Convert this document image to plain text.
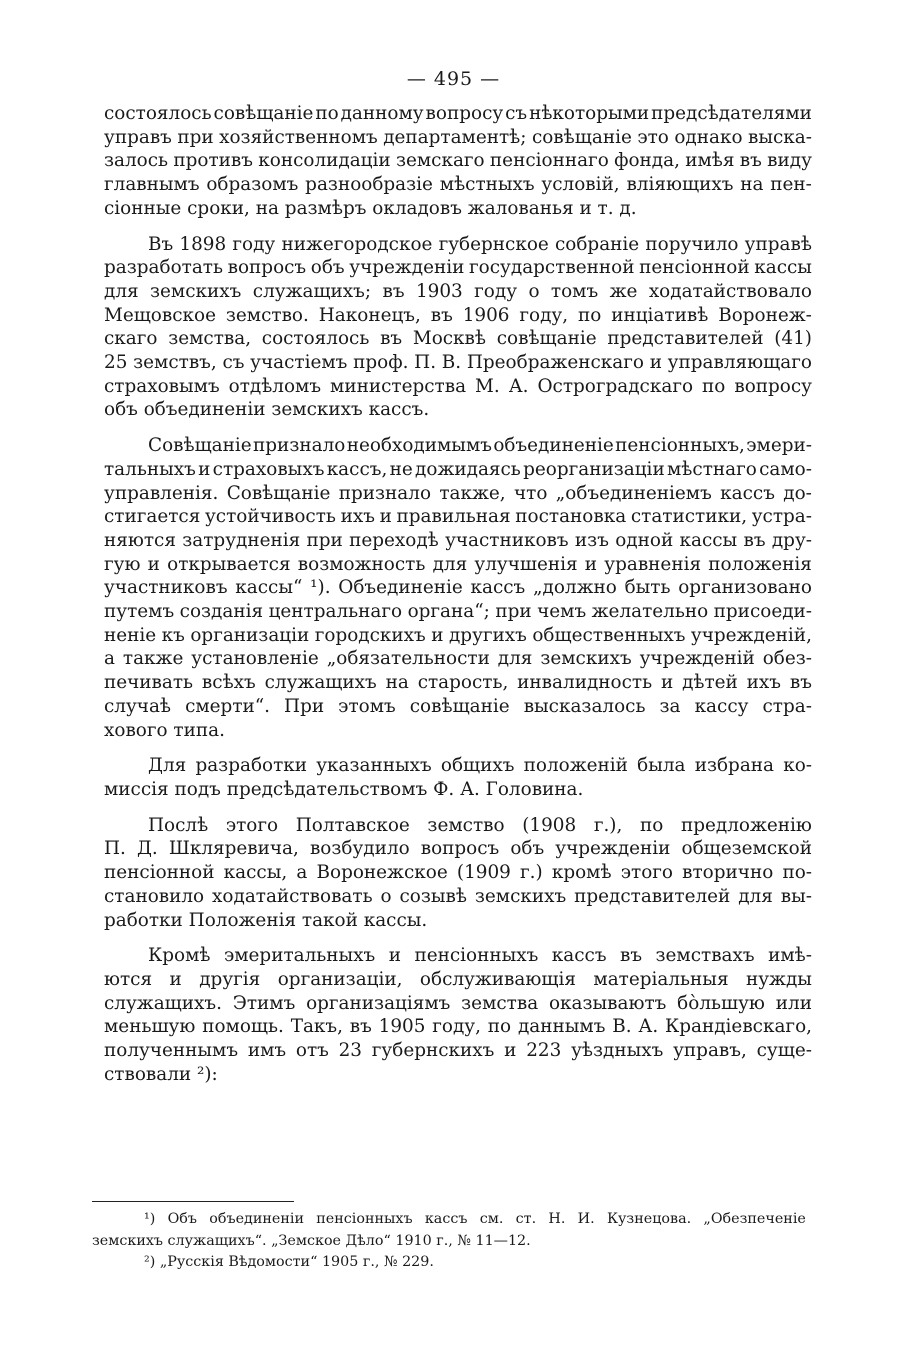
— 495 —
состоялось совѣщаніе по данному вопросу съ нѣкоторыми предсѣдателями
управъ при хозяйственномъ департаментѣ; совѣщаніе это однако выска-
залось противъ консолидаціи земскаго пенсіоннаго фонда, имѣя въ виду
главнымъ образомъ разнообразіе мѣстныхъ условій, вліяющихъ на пен-
сіонные сроки, на размѣръ окладовъ жалованья и т. д.
Въ 1898 году нижегородское губернское собраніе поручило управѣ
разработать вопросъ объ учрежденіи государственной пенсіонной кассы
для земскихъ служащихъ; въ 1903 году о томъ же ходатайствовало
Мещовское земство. Наконецъ, въ 1906 году, по инціативѣ Воронеж-
скаго земства, состоялось въ Москвѣ совѣщаніе представителей (41)
25 земствъ, съ участіемъ проф. П. В. Преображенскаго и управляющаго
страховымъ отдѣломъ министерства М. А. Остроградскаго по вопросу
объ объединеніи земскихъ кассъ.
Совѣщаніе признало необходимымъ объединеніе пенсіонныхъ, эмери-
тальныхъ и страховыхъ кассъ, не дожидаясь реорганизаціи мѣстнаго само-
управленія. Совѣщаніе признало также, что „объединеніемъ кассъ до-
стигается устойчивость ихъ и правильная постановка статистики, устра-
няются затрудненія при переходѣ участниковъ изъ одной кассы въ дру-
гую и открывается возможность для улучшенія и уравненія положенія
участниковъ кассы“ ¹). Объединеніе кассъ „должно быть организовано
путемъ созданія центральнаго органа“; при чемъ желательно присоеди-
неніе къ организаціи городскихъ и другихъ общественныхъ учрежденій,
а также установленіе „обязательности для земскихъ учрежденій обез-
печивать всѣхъ служащихъ на старость, инвалидность и дѣтей ихъ въ
случаѣ смерти“. При этомъ совѣщаніе высказалось за кассу стра-
хового типа.
Для разработки указанныхъ общихъ положеній была избрана ко-
миссія подъ предсѣдательствомъ Ф. А. Головина.
Послѣ этого Полтавское земство (1908 г.), по предложенію
П. Д. Шкляревича, возбудило вопросъ объ учрежденіи общеземской
пенсіонной кассы, а Воронежское (1909 г.) кромѣ этого вторично по-
становило ходатайствовать о созывѣ земскихъ представителей для вы-
работки Положенія такой кассы.
Кромѣ эмеритальныхъ и пенсіонныхъ кассъ въ земствахъ имѣ-
ются и другія организаціи, обслуживающія матеріальныя нужды
служащихъ. Этимъ организаціямъ земства оказываютъ бо̀льшую или
меньшую помощь. Такъ, въ 1905 году, по даннымъ В. А. Крандіевскаго,
полученнымъ имъ отъ 23 губернскихъ и 223 уѣздныхъ управъ, суще-
ствовали ²):
¹) Объ объединеніи пенсіонныхъ кассъ см. ст. Н. И. Кузнецова. „Обезпеченіе
земскихъ служащихъ“. „Земское Дѣло“ 1910 г., № 11—12.
²) „Русскія Вѣдомости“ 1905 г., № 229.
